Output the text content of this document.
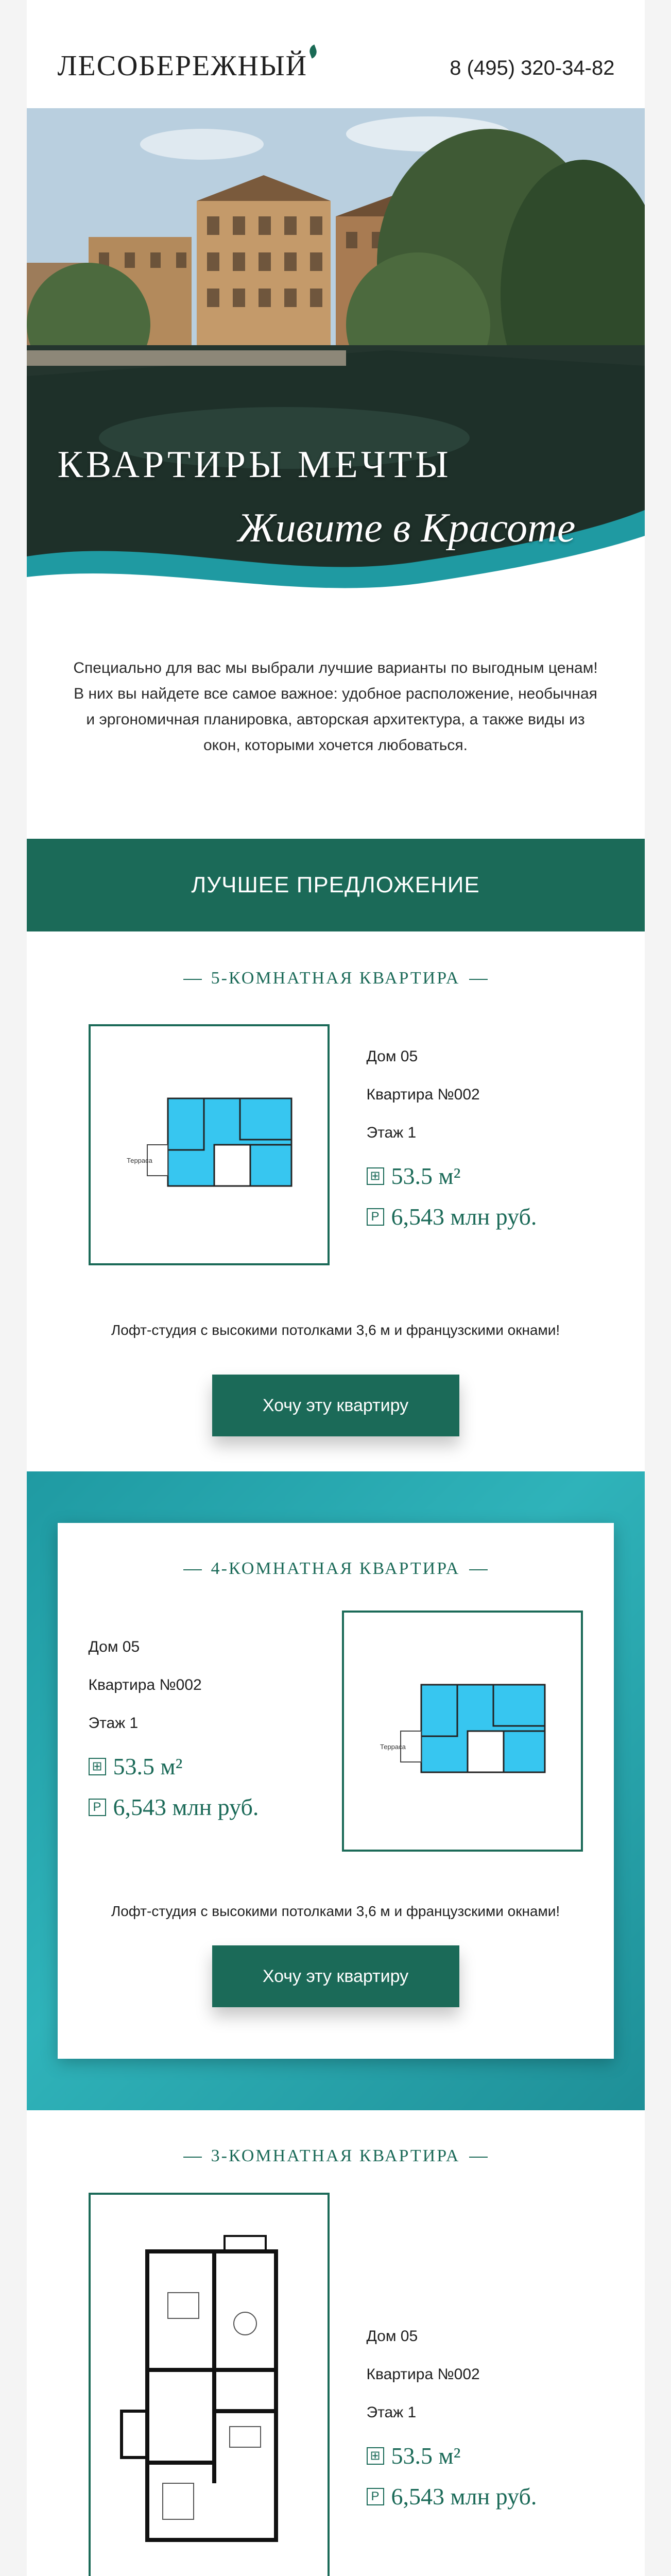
ЛЕСОБЕРЕЖНЫЙ	8 (495) 320-34-82
КВАРТИРЫ МЕЧТЫ
Живите в Красоте
Специально для вас мы выбрали лучшие варианты по выгодным ценам! В них вы найдете все самое важное: удобное расположение, необычная и эргономичная планировка, авторская архитектура, а также виды из окон, которыми хочется любоваться.
ЛУЧШЕЕ ПРЕДЛОЖЕНИЕ
5-КОМНАТНАЯ КВАРТИРА
Терраса
Дом 05
Квартира №002
Этаж 1
⊞ 53.5 м²
Р 6,543 млн руб.
Лофт-студия с высокими потолками 3,6 м и французскими окнами!
Хочу эту квартиру
4-КОМНАТНАЯ КВАРТИРА
Дом 05
Квартира №002
Этаж 1
⊞ 53.5 м²
Р 6,543 млн руб.
Терраса
Лофт-студия с высокими потолками 3,6 м и французскими окнами!
Хочу эту квартиру
3-КОМНАТНАЯ КВАРТИРА
Дом 05
Квартира №002
Этаж 1
⊞ 53.5 м²
Р 6,543 млн руб.
